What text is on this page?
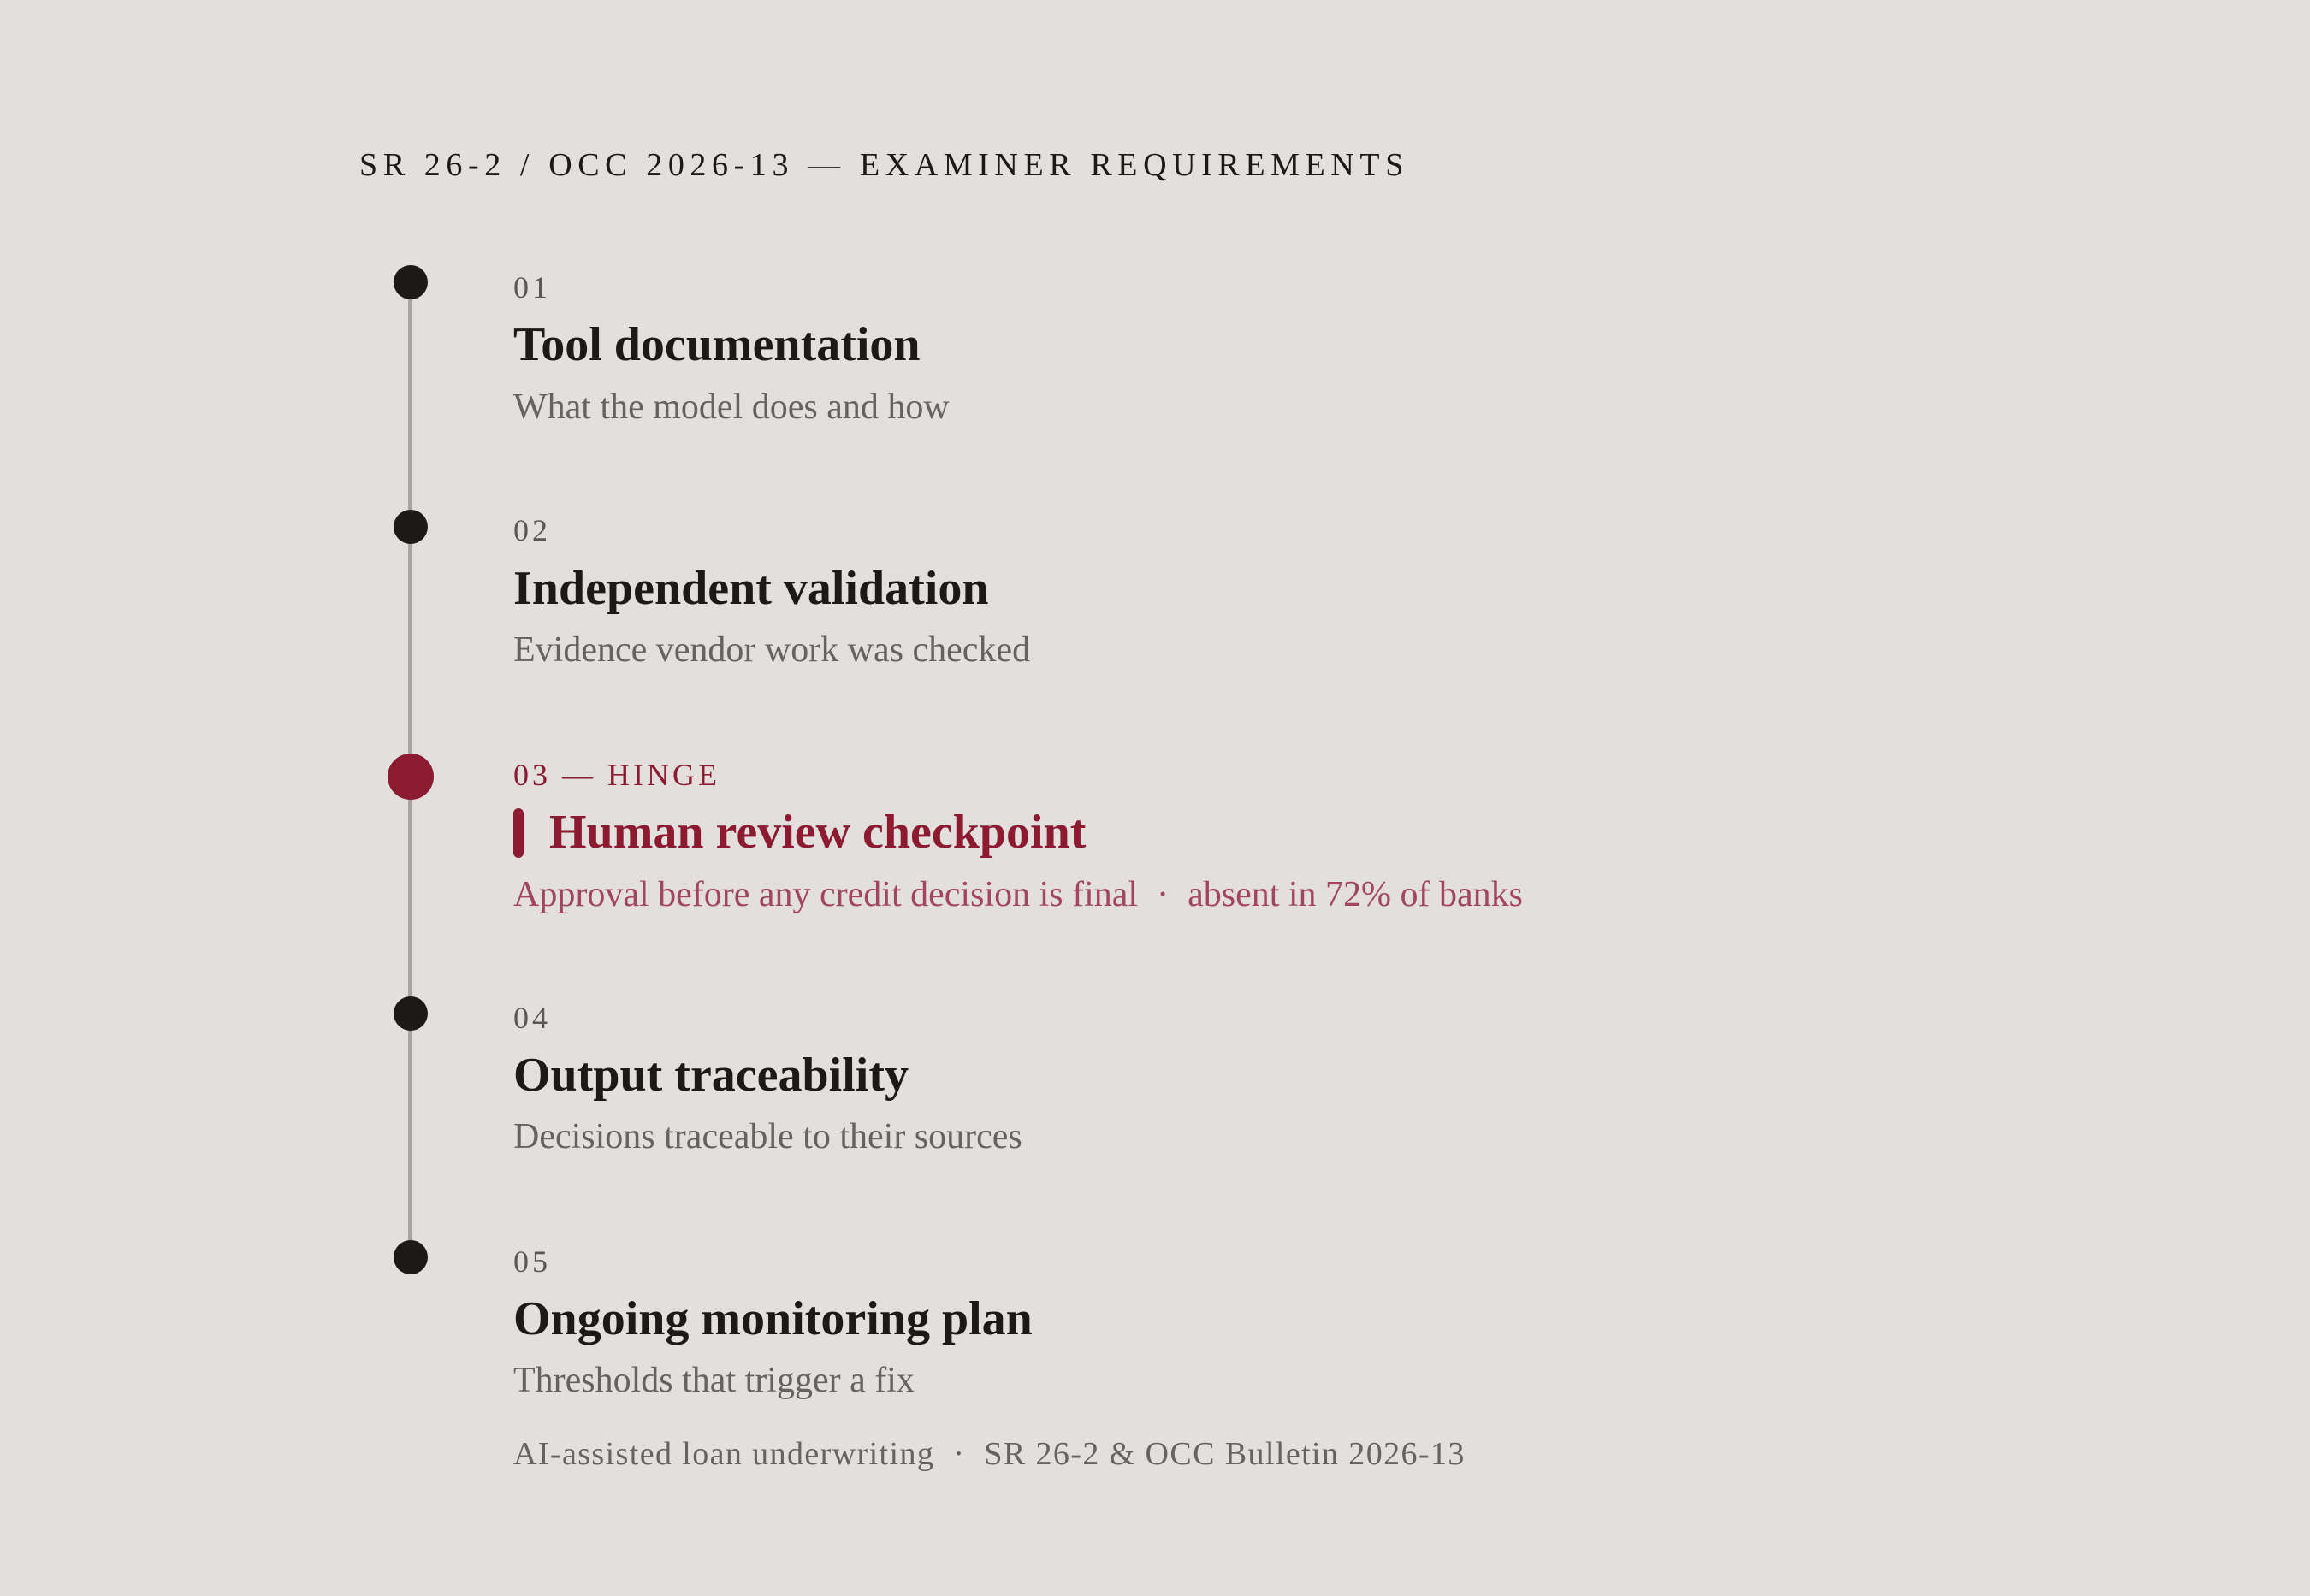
SR 26-2 / OCC 2026-13 — EXAMINER REQUIREMENTS
01
Tool documentation
What the model does and how
02
Independent validation
Evidence vendor work was checked
03 — HINGE
Human review checkpoint
Approval before any credit decision is final · absent in 72% of banks
04
Output traceability
Decisions traceable to their sources
05
Ongoing monitoring plan
Thresholds that trigger a fix
AI-assisted loan underwriting · SR 26-2 & OCC Bulletin 2026-13
